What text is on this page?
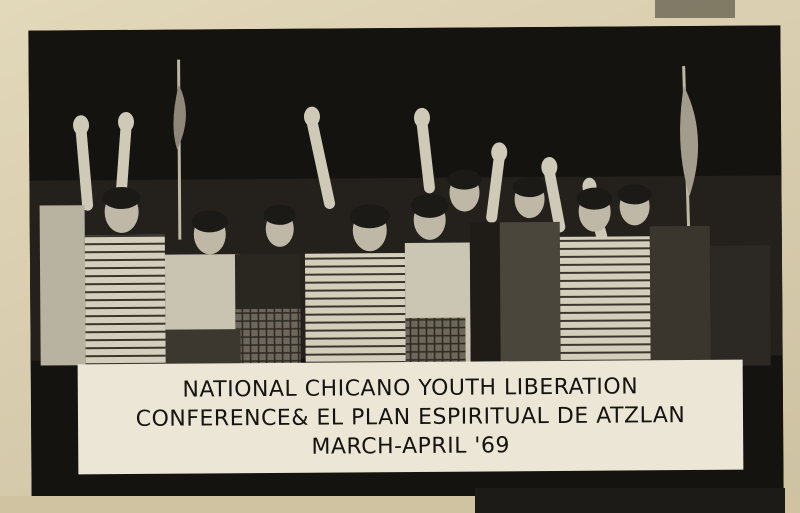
NATIONAL CHICANO YOUTH LIBERATION
CONFERENCE& EL PLAN ESPIRITUAL DE ATZLAN
MARCH-APRIL '69
